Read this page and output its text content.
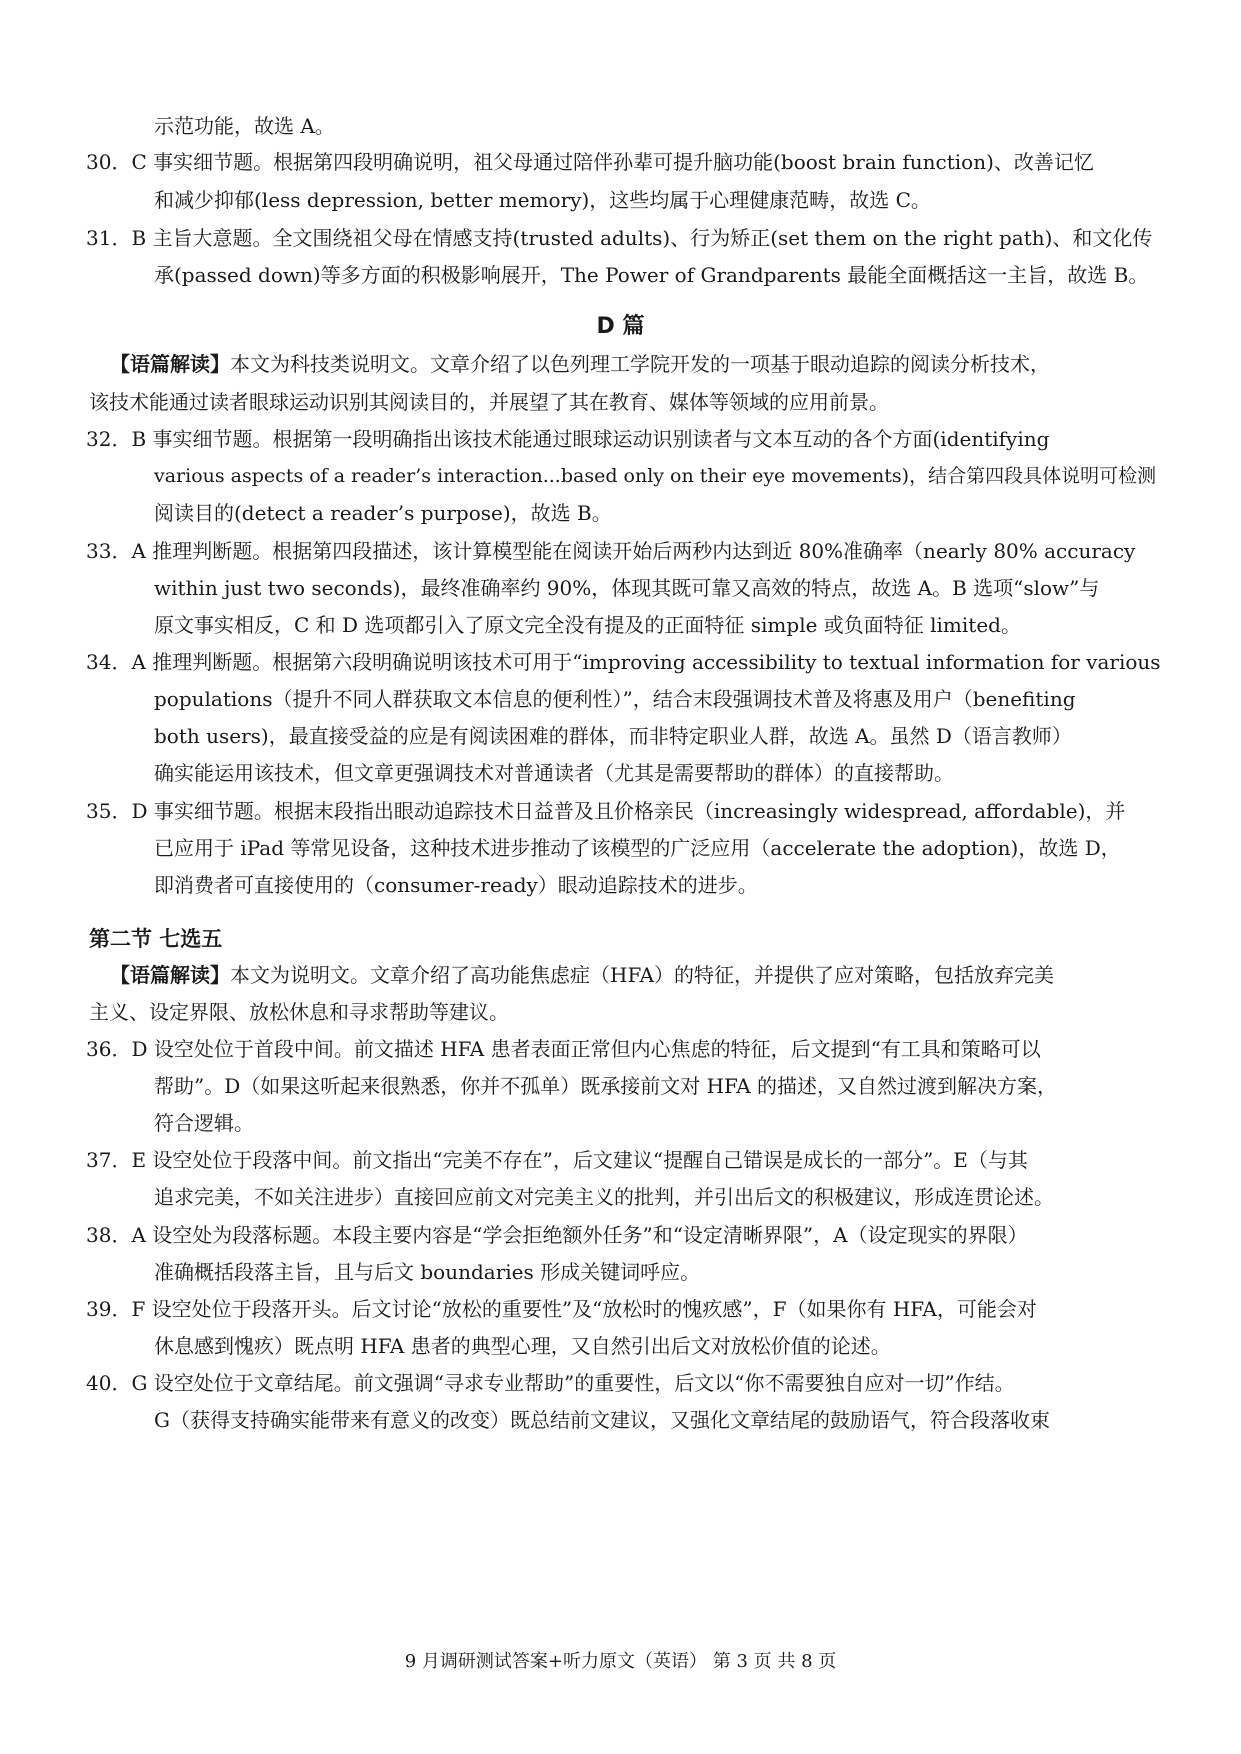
示范功能，故选 A。
30．C 事实细节题。根据第四段明确说明，祖父母通过陪伴孙辈可提升脑功能(boost brain function)、改善记忆
和减少抑郁(less depression, better memory)，这些均属于心理健康范畴，故选 C。
31．B 主旨大意题。全文围绕祖父母在情感支持(trusted adults)、行为矫正(set them on the right path)、和文化传
承(passed down)等多方面的积极影响展开，The Power of Grandparents 最能全面概括这一主旨，故选 B。
D 篇
【语篇解读】本文为科技类说明文。文章介绍了以色列理工学院开发的一项基于眼动追踪的阅读分析技术，
该技术能通过读者眼球运动识别其阅读目的，并展望了其在教育、媒体等领域的应用前景。
32．B 事实细节题。根据第一段明确指出该技术能通过眼球运动识别读者与文本互动的各个方面(identifying
various aspects of a reader’s interaction...based only on their eye movements)，结合第四段具体说明可检测
阅读目的(detect a reader’s purpose)，故选 B。
33．A 推理判断题。根据第四段描述，该计算模型能在阅读开始后两秒内达到近 80%准确率（nearly 80% accuracy
within just two seconds)，最终准确率约 90%，体现其既可靠又高效的特点，故选 A。B 选项“slow”与
原文事实相反，C 和 D 选项都引入了原文完全没有提及的正面特征 simple 或负面特征 limited。
34．A 推理判断题。根据第六段明确说明该技术可用于“improving accessibility to textual information for various
populations（提升不同人群获取文本信息的便利性）”，结合末段强调技术普及将惠及用户（benefiting
both users)，最直接受益的应是有阅读困难的群体，而非特定职业人群，故选 A。虽然 D（语言教师）
确实能运用该技术，但文章更强调技术对普通读者（尤其是需要帮助的群体）的直接帮助。
35．D 事实细节题。根据末段指出眼动追踪技术日益普及且价格亲民（increasingly widespread, affordable)，并
已应用于 iPad 等常见设备，这种技术进步推动了该模型的广泛应用（accelerate the adoption)，故选 D，
即消费者可直接使用的（consumer-ready）眼动追踪技术的进步。
第二节 七选五
【语篇解读】本文为说明文。文章介绍了高功能焦虑症（HFA）的特征，并提供了应对策略，包括放弃完美
主义、设定界限、放松休息和寻求帮助等建议。
36．D 设空处位于首段中间。前文描述 HFA 患者表面正常但内心焦虑的特征，后文提到“有工具和策略可以
帮助”。D（如果这听起来很熟悉，你并不孤单）既承接前文对 HFA 的描述，又自然过渡到解决方案，
符合逻辑。
37．E 设空处位于段落中间。前文指出“完美不存在”，后文建议“提醒自己错误是成长的一部分”。E（与其
追求完美，不如关注进步）直接回应前文对完美主义的批判，并引出后文的积极建议，形成连贯论述。
38．A 设空处为段落标题。本段主要内容是“学会拒绝额外任务”和“设定清晰界限”，A（设定现实的界限）
准确概括段落主旨，且与后文 boundaries 形成关键词呼应。
39．F 设空处位于段落开头。后文讨论“放松的重要性”及“放松时的愧疚感”，F（如果你有 HFA，可能会对
休息感到愧疚）既点明 HFA 患者的典型心理，又自然引出后文对放松价值的论述。
40．G 设空处位于文章结尾。前文强调“寻求专业帮助”的重要性，后文以“你不需要独自应对一切”作结。
G（获得支持确实能带来有意义的改变）既总结前文建议，又强化文章结尾的鼓励语气，符合段落收束
9 月调研测试答案+听力原文（英语） 第 3 页 共 8 页
